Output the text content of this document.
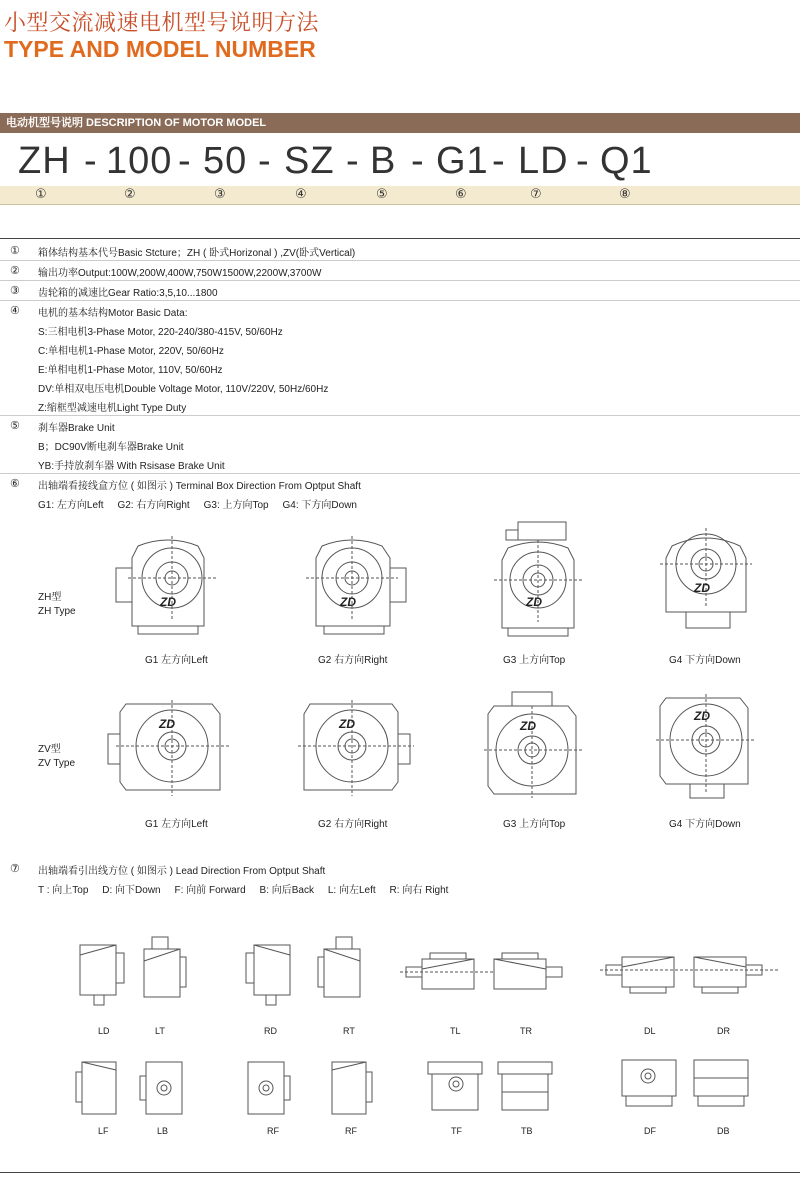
小型交流减速电机型号说明方法
TYPE AND MODEL NUMBER
电动机型号说明 DESCRIPTION OF MOTOR MODEL
ZH - 100 - 50 - SZ - B - G1 - LD - Q1
①	②	③	④	⑤	⑥	⑦	⑧
① 箱体结构基本代号Basic Stcture；ZH ( 卧式Horizonal ) ,ZV(卧式Vertical)
② 输出功率Output:100W,200W,400W,750W1500W,2200W,3700W
③ 齿轮箱的减速比Gear Ratio:3,5,10...1800
④ 电机的基本结构Motor Basic Data:
S:三相电机3-Phase Motor, 220-240/380-415V, 50/60Hz
C:单相电机1-Phase Motor, 220V, 50/60Hz
E:单相电机1-Phase Motor, 110V, 50/60Hz
DV:单相双电压电机Double Voltage Motor, 110V/220V, 50Hz/60Hz
Z:缩框型减速电机Light Type Duty
⑤ 刹车器Brake Unit
B；DC90V断电刹车器Brake Unit
YB:手持放刹车器 With Rsisase Brake Unit
⑥ 出轴端看接线盒方位 ( 如图示 ) Terminal Box Direction From Optput Shaft
G1: 左方向Left     G2: 右方向Right     G3: 上方向Top     G4: 下方向Down
ZH型
ZH Type
ZV型
ZV Type
ZD	ZD	ZD
ZD
G1 左方向Left	G2 右方向Right	G3 上方向Top	G4 下方向Down
ZD	ZD	ZD
ZD
G1 左方向Left	G2 右方向Right	G3 上方向Top	G4 下方向Down
⑦ 出轴端看引出线方位 ( 如图示 ) Lead Direction From Optput Shaft
T : 向上Top     D: 向下Down     F: 向前 Forward     B: 向后Back     L: 向左Left     R: 向右 Right
LD	LT	RD	RT	TL	TR	DL	DR
LF	LB	RF	RF	TF	TB	DF	DB
